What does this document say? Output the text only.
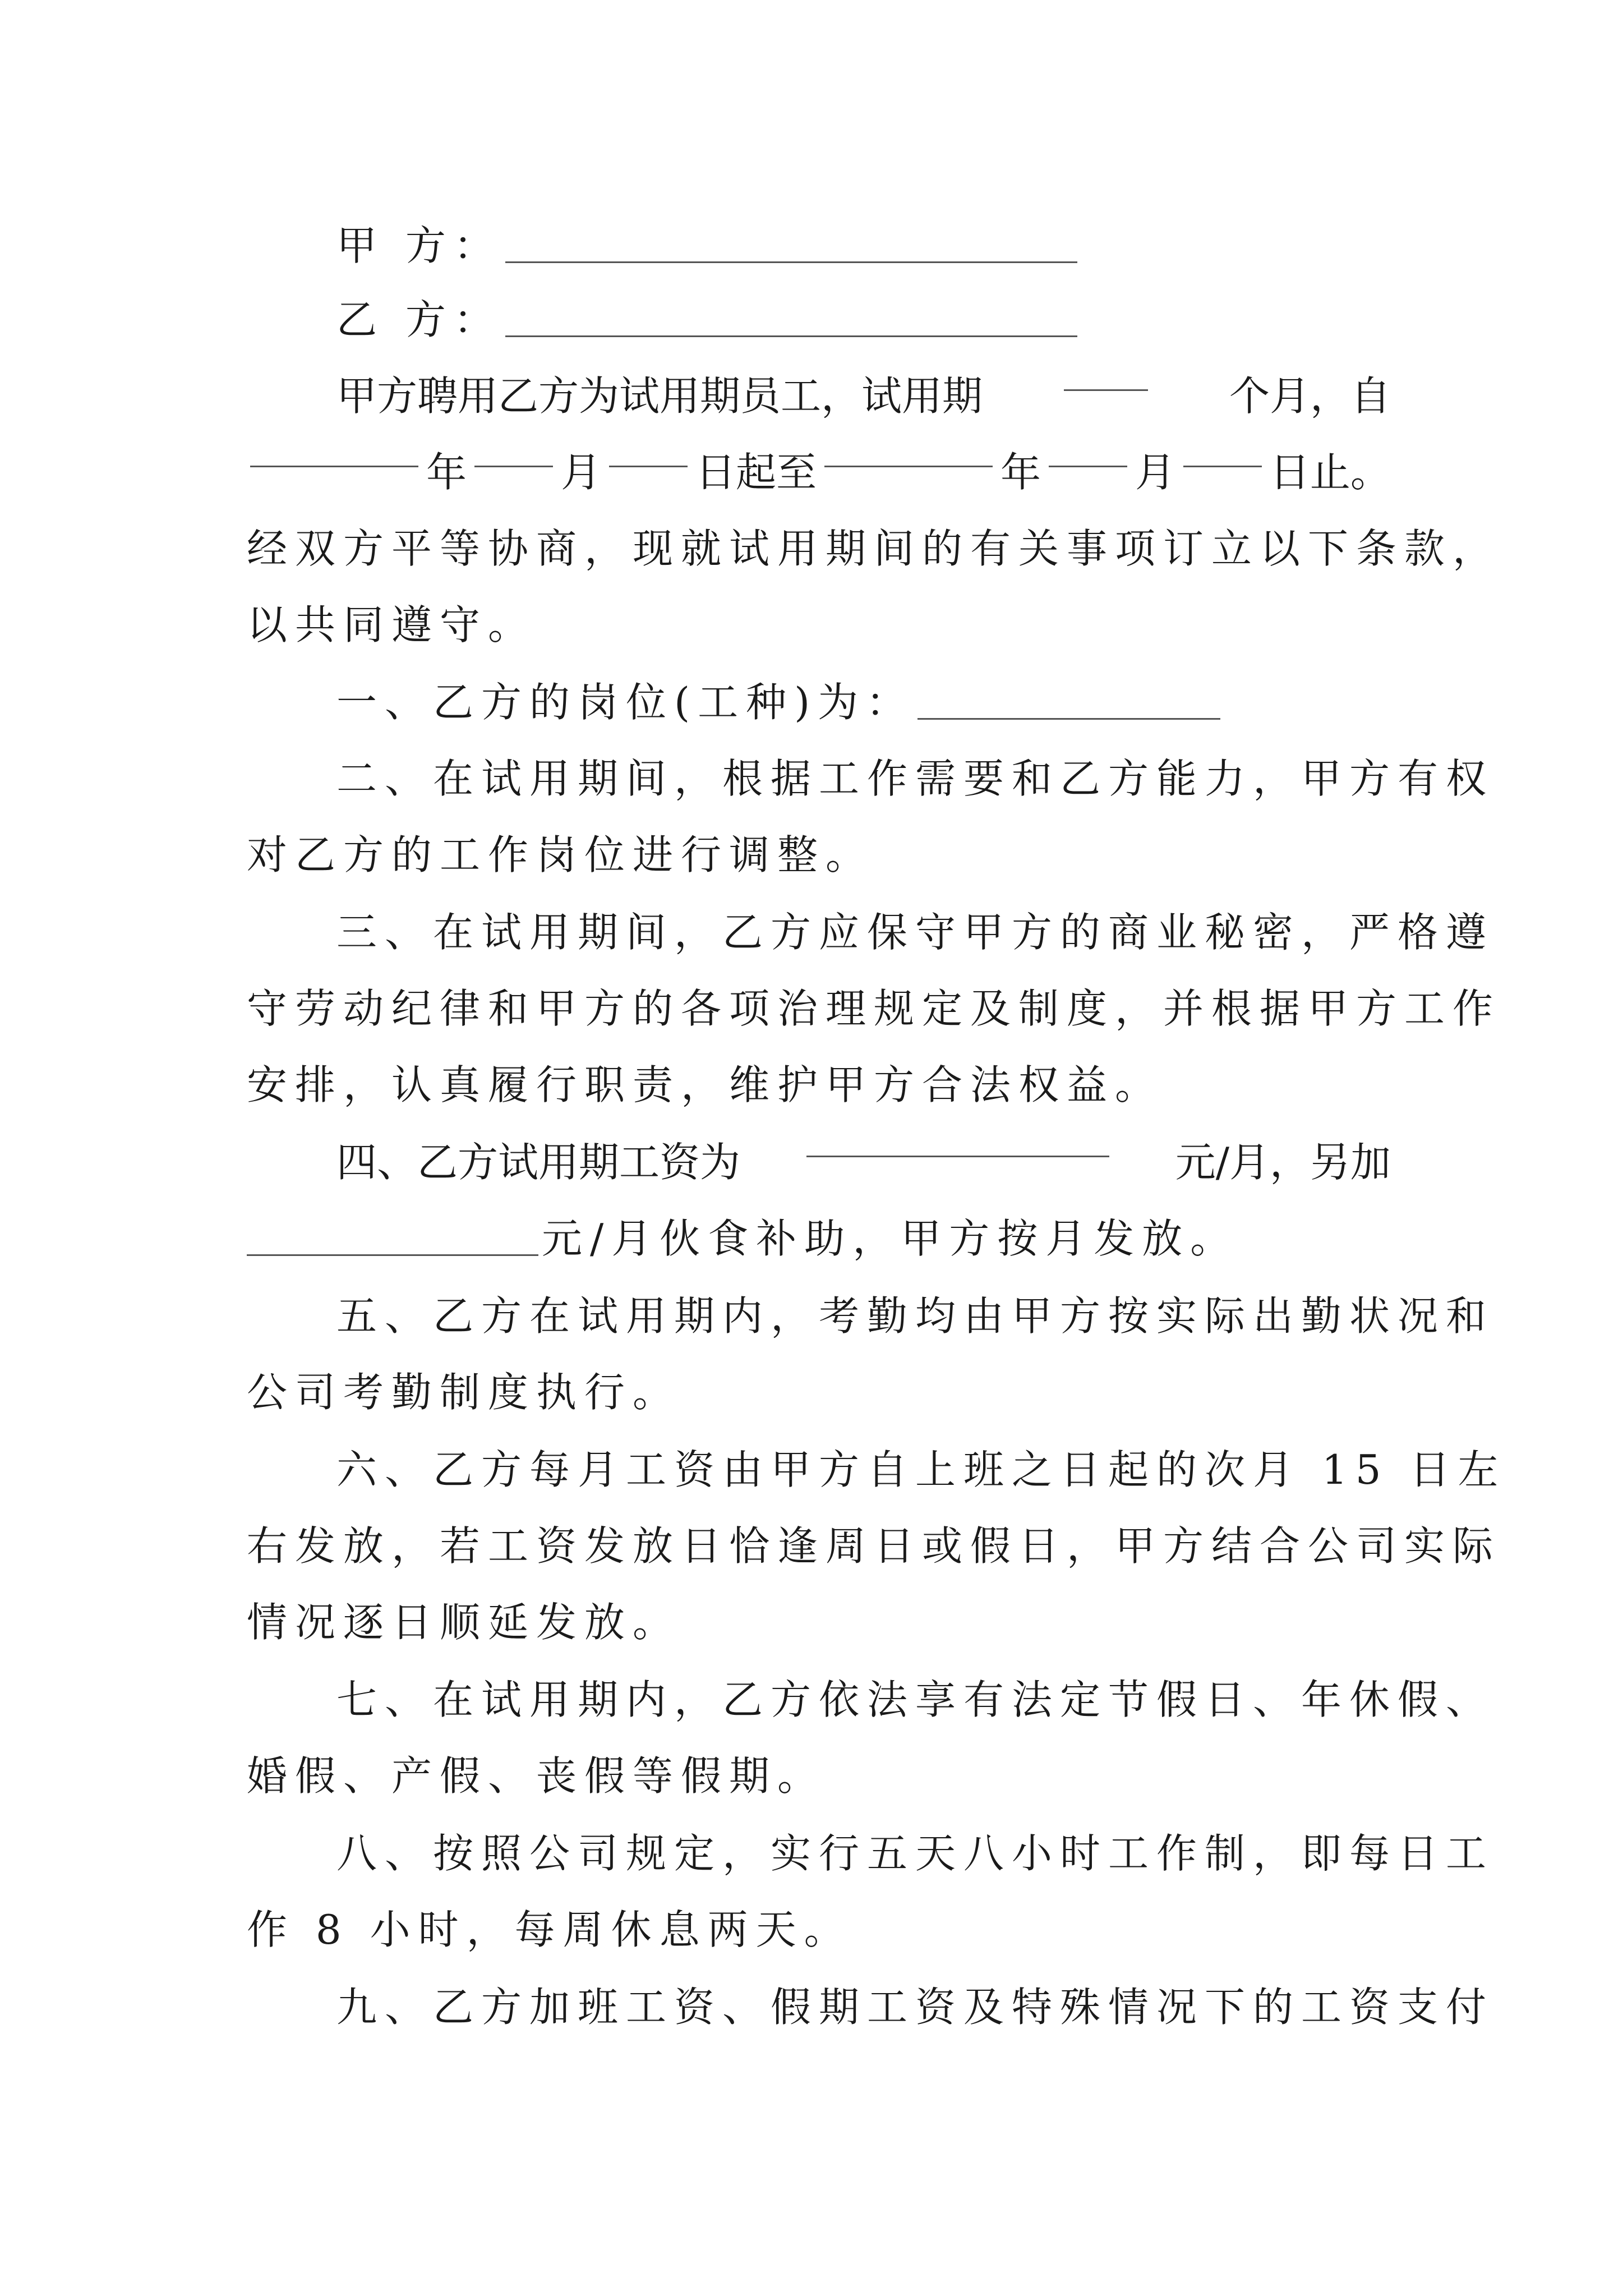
甲 方：
乙 方：
甲方聘用乙方为试用期员工，试用期	个月，自
年 月 日起至	年 月 日止。
经双方平等协商，现就试用期间的有关事项订立以下条款，
以共同遵守。
一、乙方的岗位(工种)为：
二、在试用期间，根据工作需要和乙方能力，甲方有权
对乙方的工作岗位进行调整。
三、在试用期间，乙方应保守甲方的商业秘密，严格遵
守劳动纪律和甲方的各项治理规定及制度，并根据甲方工作
安排，认真履行职责，维护甲方合法权益。
四、乙方试用期工资为	元/月，另加
元/月伙食补助，甲方按月发放。
五、乙方在试用期内，考勤均由甲方按实际出勤状况和
公司考勤制度执行。
六、乙方每月工资由甲方自上班之日起的次月 15 日左
右发放，若工资发放日恰逢周日或假日，甲方结合公司实际
情况逐日顺延发放。
七、在试用期内，乙方依法享有法定节假日、年休假、
婚假、产假、丧假等假期。
八、按照公司规定，实行五天八小时工作制，即每日工
作 8 小时，每周休息两天。
九、乙方加班工资、假期工资及特殊情况下的工资支付
